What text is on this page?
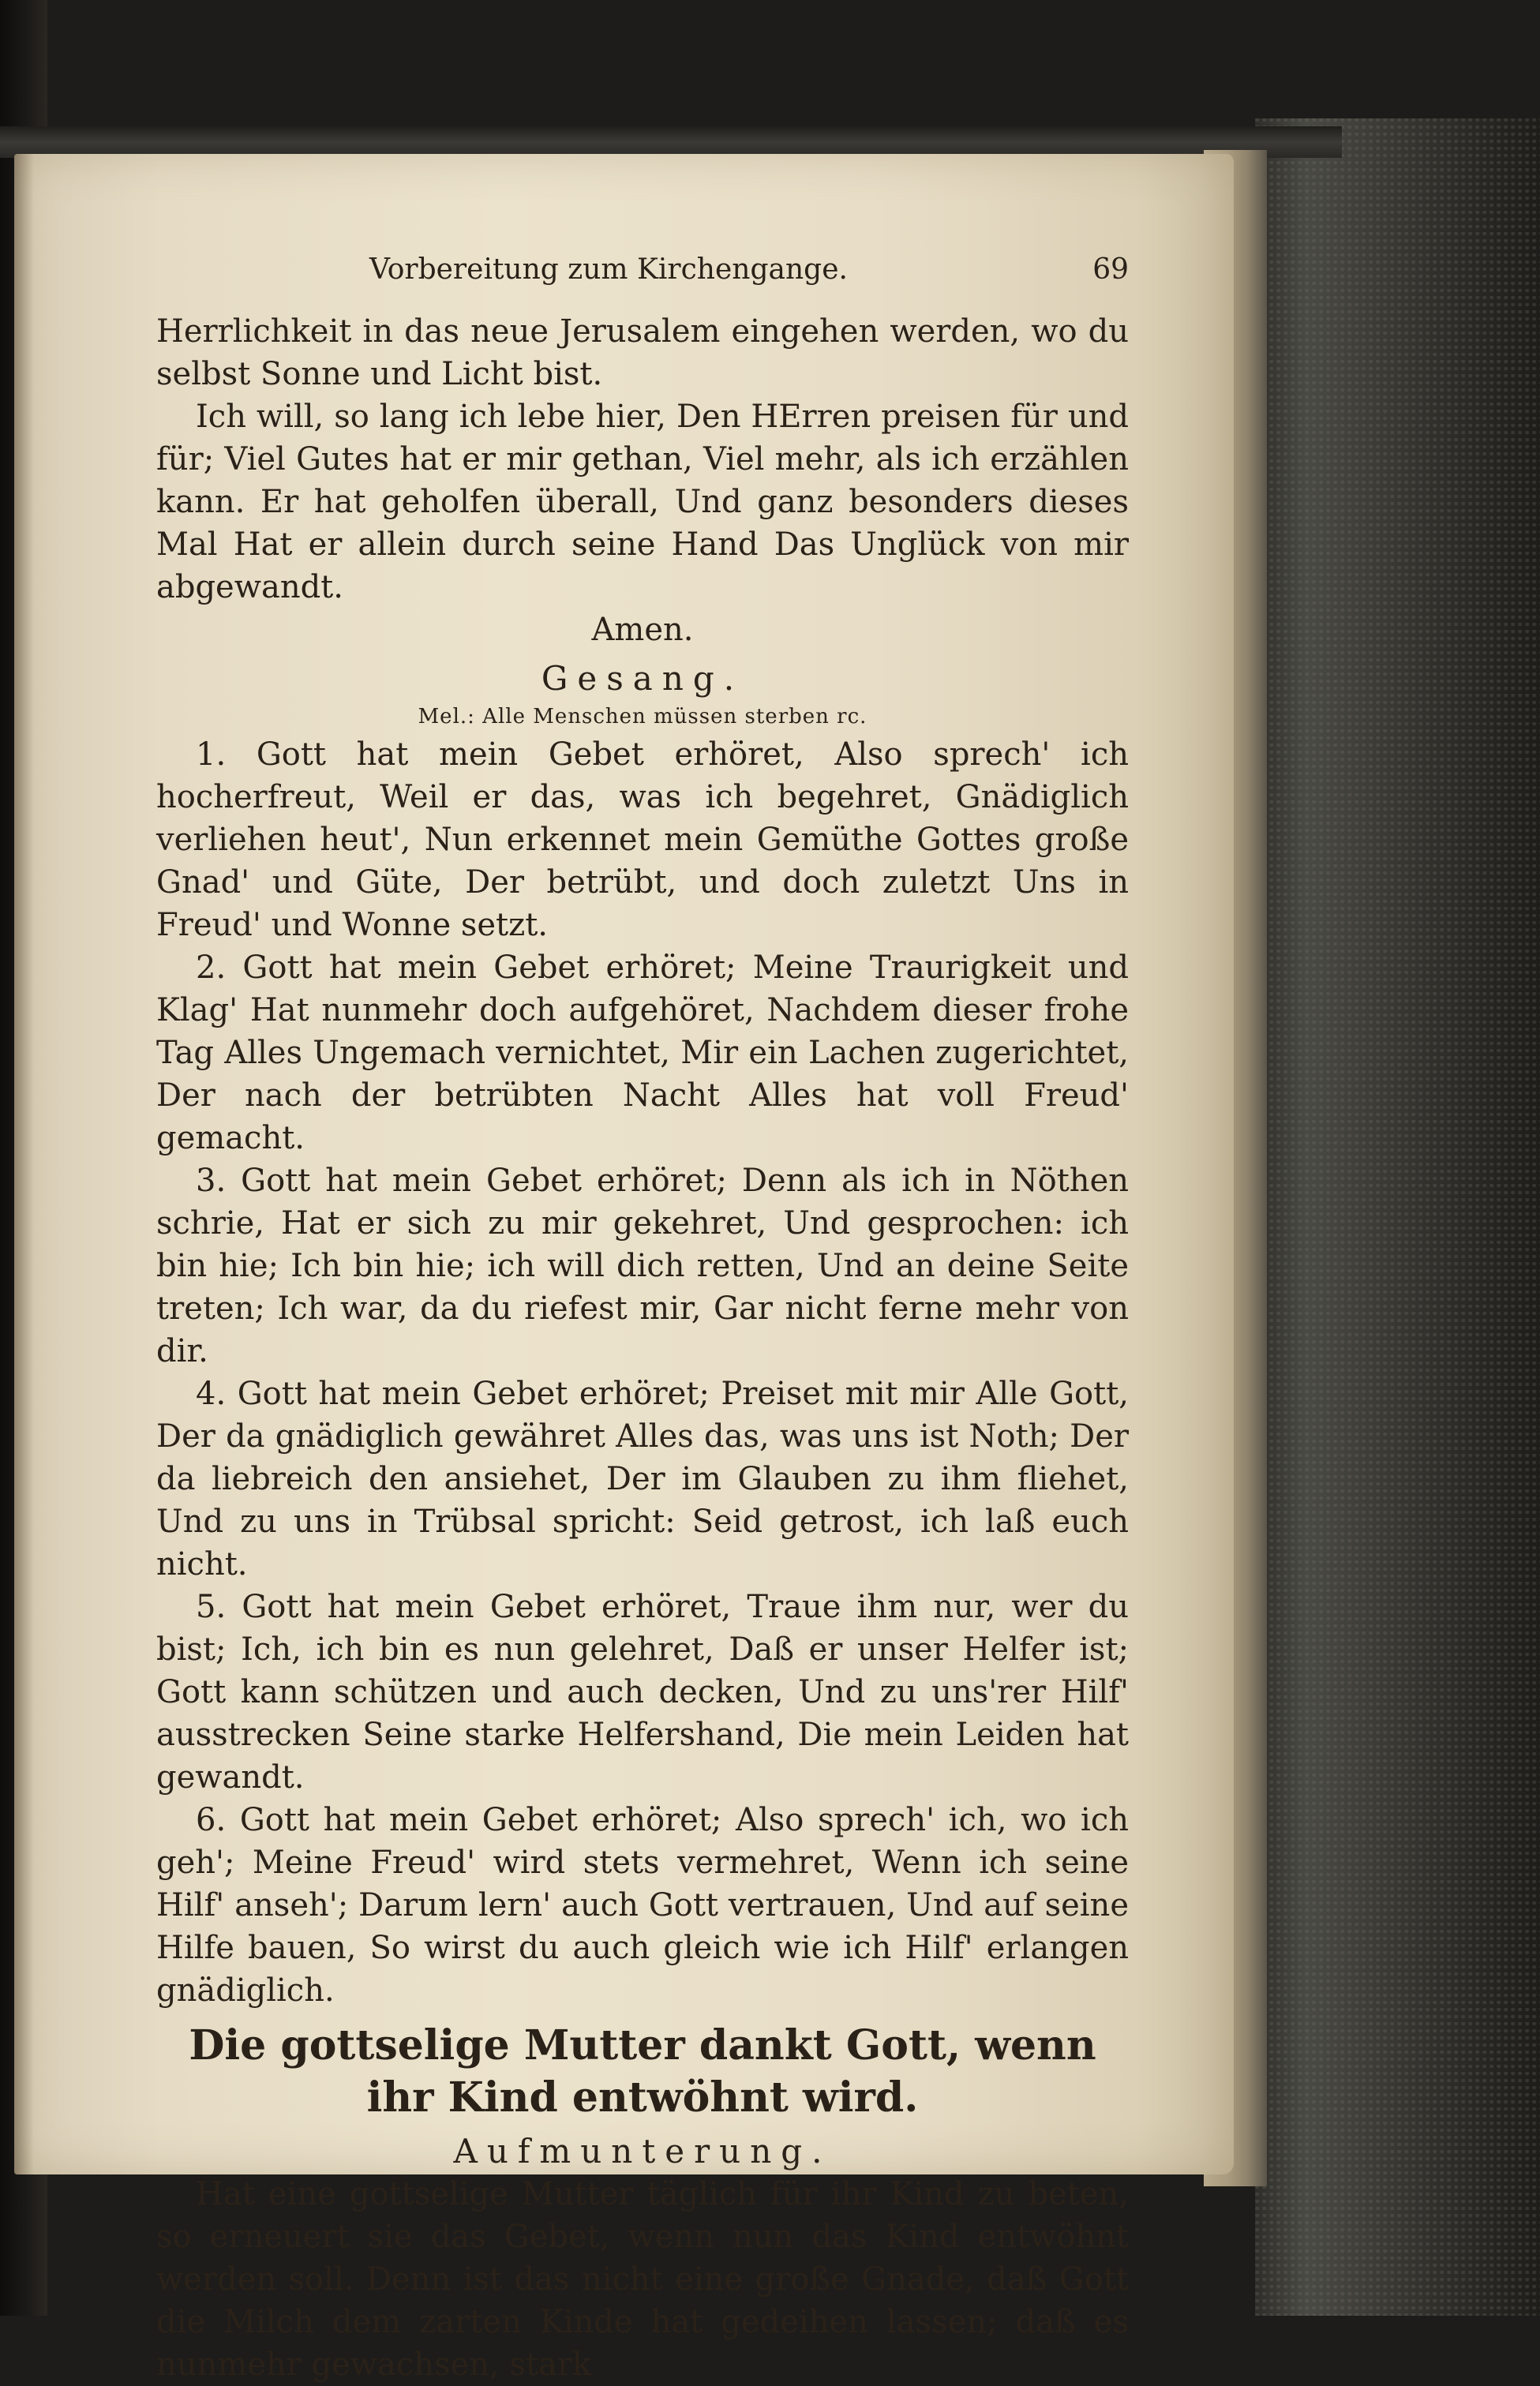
Vorbereitung zum Kirchengange.	69

Herrlichkeit in das neue Jerusalem eingehen werden, wo du selbst Sonne und Licht bist.

Ich will, so lang ich lebe hier, Den HErren preisen für und für; Viel Gutes hat er mir gethan, Viel mehr, als ich erzählen kann. Er hat geholfen überall, Und ganz besonders dieses Mal Hat er allein durch seine Hand Das Unglück von mir abgewandt.

Amen.

Gesang.

Mel.: Alle Menschen müssen sterben rc.

1. Gott hat mein Gebet erhöret, Also sprech' ich hocherfreut, Weil er das, was ich begehret, Gnädiglich verliehen heut', Nun erkennet mein Gemüthe Gottes große Gnad' und Güte, Der betrübt, und doch zuletzt Uns in Freud' und Wonne setzt.

2. Gott hat mein Gebet erhöret; Meine Traurigkeit und Klag' Hat nunmehr doch aufgehöret, Nachdem dieser frohe Tag Alles Ungemach vernichtet, Mir ein Lachen zugerichtet, Der nach der betrübten Nacht Alles hat voll Freud' gemacht.

3. Gott hat mein Gebet erhöret; Denn als ich in Nöthen schrie, Hat er sich zu mir gekehret, Und gesprochen: ich bin hie; Ich bin hie; ich will dich retten, Und an deine Seite treten; Ich war, da du riefest mir, Gar nicht ferne mehr von dir.

4. Gott hat mein Gebet erhöret; Preiset mit mir Alle Gott, Der da gnädiglich gewähret Alles das, was uns ist Noth; Der da liebreich den ansiehet, Der im Glauben zu ihm fliehet, Und zu uns in Trübsal spricht: Seid getrost, ich laß euch nicht.

5. Gott hat mein Gebet erhöret, Traue ihm nur, wer du bist; Ich, ich bin es nun gelehret, Daß er unser Helfer ist; Gott kann schützen und auch decken, Und zu uns'rer Hilf' ausstrecken Seine starke Helfershand, Die mein Leiden hat gewandt.

6. Gott hat mein Gebet erhöret; Also sprech' ich, wo ich geh'; Meine Freud' wird stets vermehret, Wenn ich seine Hilf' anseh'; Darum lern' auch Gott vertrauen, Und auf seine Hilfe bauen, So wirst du auch gleich wie ich Hilf' erlangen gnädiglich.

Die gottselige Mutter dankt Gott, wenn ihr Kind entwöhnt wird.

Aufmunterung.

Hat eine gottselige Mutter täglich für ihr Kind zu beten, so erneuert sie das Gebet, wenn nun das Kind entwöhnt werden soll. Denn ist das nicht eine große Gnade, daß Gott die Milch dem zarten Kinde hat gedeihen lassen; daß es nunmehr gewachsen, stark
